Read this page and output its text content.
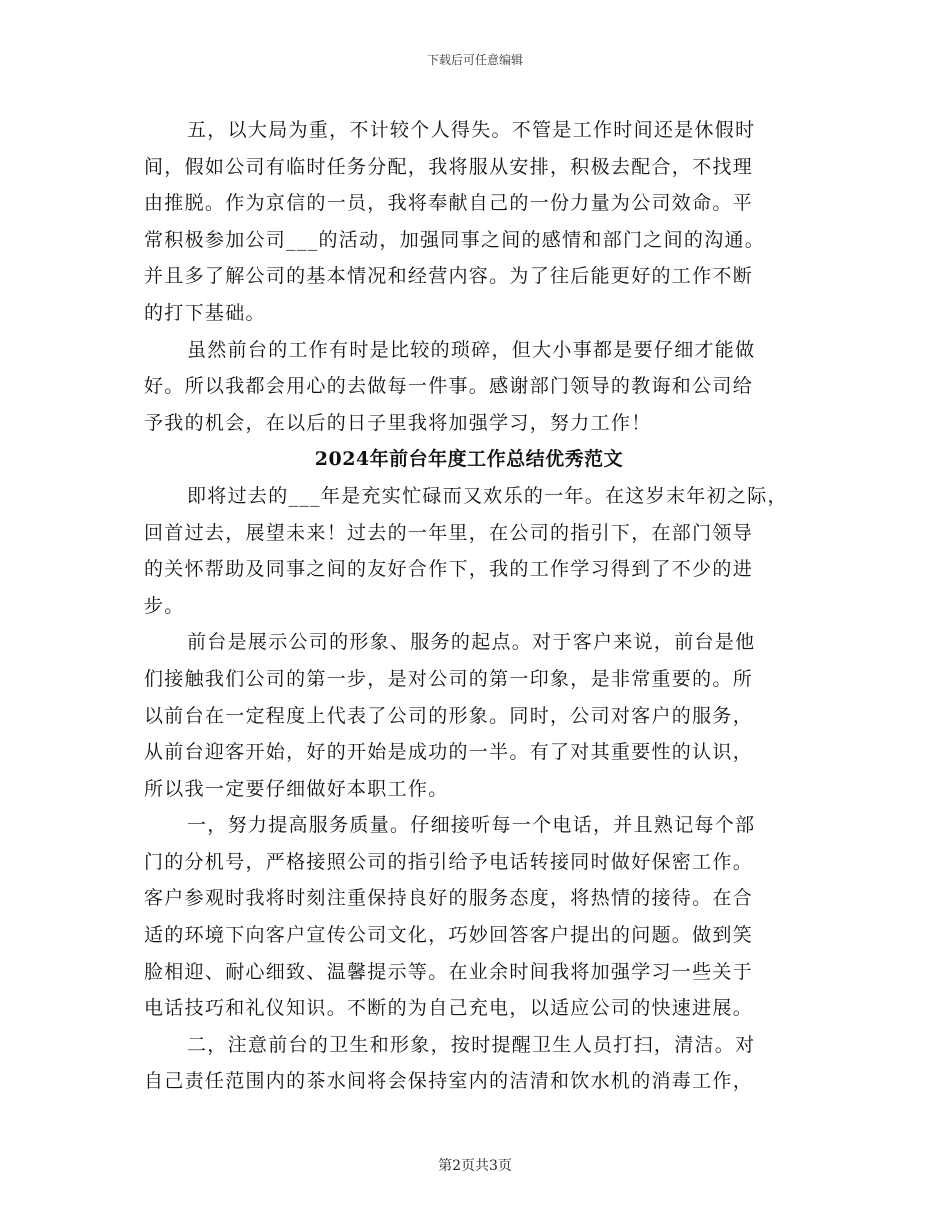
下载后可任意编辑
五，以大局为重，不计较个人得失。不管是工作时间还是休假时
间，假如公司有临时任务分配，我将服从安排，积极去配合，不找理
由推脱。作为京信的一员，我将奉献自己的一份力量为公司效命。平
常积极参加公司___的活动，加强同事之间的感情和部门之间的沟通。
并且多了解公司的基本情况和经营内容。为了往后能更好的工作不断
的打下基础。
虽然前台的工作有时是比较的琐碎，但大小事都是要仔细才能做
好。所以我都会用心的去做每一件事。感谢部门领导的教诲和公司给
予我的机会，在以后的日子里我将加强学习，努力工作！
2024年前台年度工作总结优秀范文
即将过去的___年是充实忙碌而又欢乐的一年。在这岁末年初之际，
回首过去，展望未来！过去的一年里，在公司的指引下，在部门领导
的关怀帮助及同事之间的友好合作下，我的工作学习得到了不少的进
步。
前台是展示公司的形象、服务的起点。对于客户来说，前台是他
们接触我们公司的第一步，是对公司的第一印象，是非常重要的。所
以前台在一定程度上代表了公司的形象。同时，公司对客户的服务，
从前台迎客开始，好的开始是成功的一半。有了对其重要性的认识，
所以我一定要仔细做好本职工作。
一，努力提高服务质量。仔细接听每一个电话，并且熟记每个部
门的分机号，严格接照公司的指引给予电话转接同时做好保密工作。
客户参观时我将时刻注重保持良好的服务态度，将热情的接待。在合
适的环境下向客户宣传公司文化，巧妙回答客户提出的问题。做到笑
脸相迎、耐心细致、温馨提示等。在业余时间我将加强学习一些关于
电话技巧和礼仪知识。不断的为自己充电，以适应公司的快速进展。
二，注意前台的卫生和形象，按时提醒卫生人员打扫，清洁。对
自己责任范围内的茶水间将会保持室内的洁清和饮水机的消毒工作，
第2页共3页
